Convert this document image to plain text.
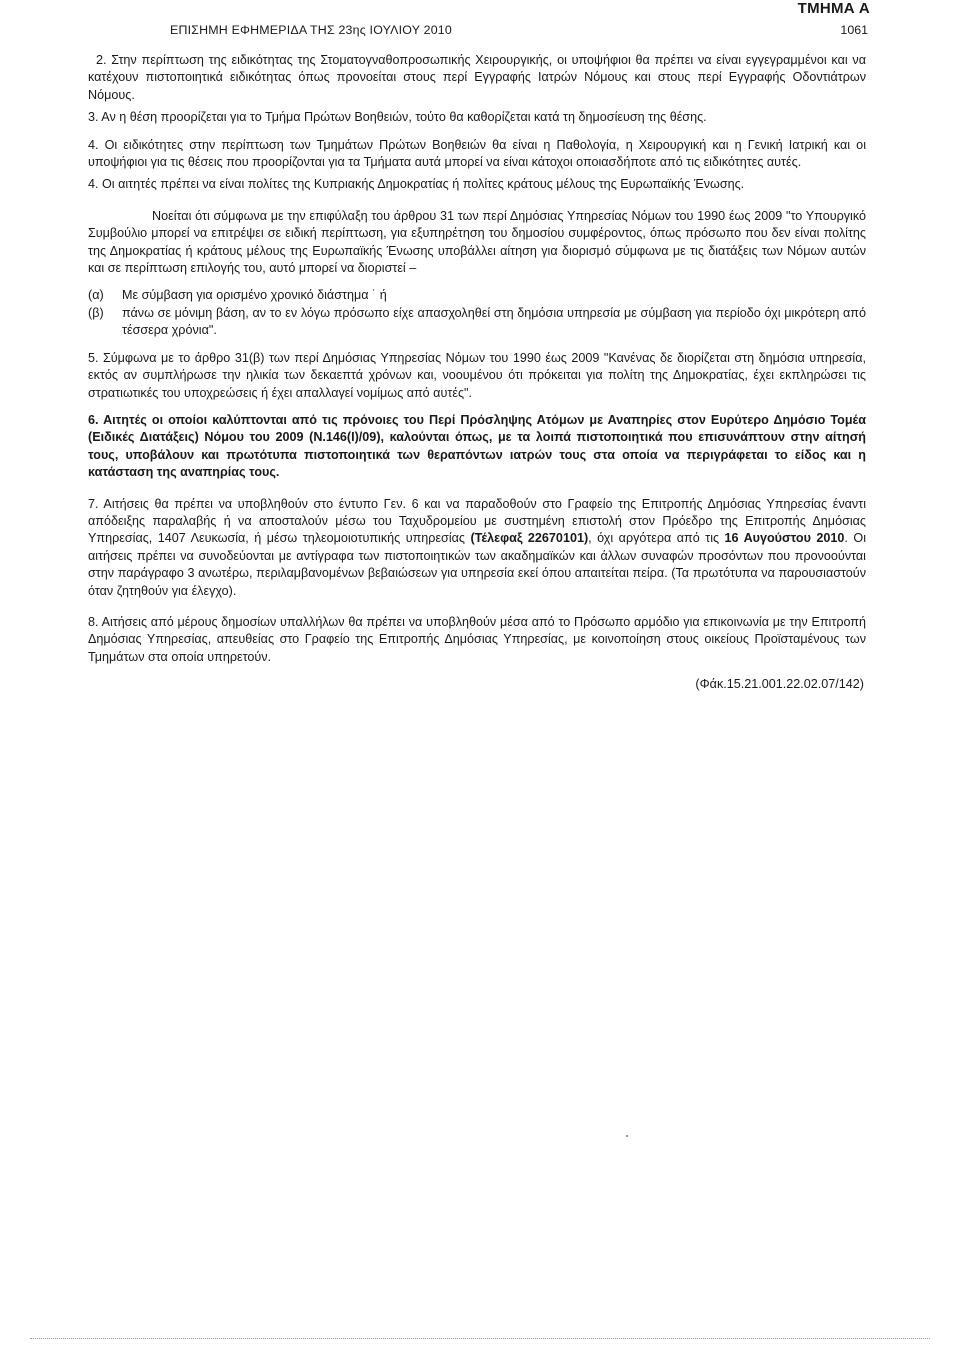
ΤΜΗΜΑ Α
ΕΠΙΣΗΜΗ ΕΦΗΜΕΡΙΔΑ ΤΗΣ 23ης ΙΟΥΛΙΟΥ 2010	1061

2. Στην περίπτωση της ειδικότητας της Στοματογναθοπροσωπικής Χειρουργικής, οι υποψήφιοι θα πρέπει να είναι εγγεγραμμένοι και να κατέχουν πιστοποιητικά ειδικότητας όπως προνοείται στους περί Εγγραφής Ιατρών Νόμους και στους περί Εγγραφής Οδοντιάτρων Νόμους.

3. Αν η θέση προορίζεται για το Τμήμα Πρώτων Βοηθειών, τούτο θα καθορίζεται κατά τη δημοσίευση της θέσης.

4. Οι ειδικότητες στην περίπτωση των Τμημάτων Πρώτων Βοηθειών θα είναι η Παθολογία, η Χειρουργική και η Γενική Ιατρική και οι υποψήφιοι για τις θέσεις που προορίζονται για τα Τμήματα αυτά μπορεί να είναι κάτοχοι οποιασδήποτε από τις ειδικότητες αυτές.

4. Οι αιτητές πρέπει να είναι πολίτες της Κυπριακής Δημοκρατίας ή πολίτες κράτους μέλους της Ευρωπαϊκής Ένωσης.

Νοείται ότι σύμφωνα με την επιφύλαξη του άρθρου 31 των περί Δημόσιας Υπηρεσίας Νόμων του 1990 έως 2009 "το Υπουργικό Συμβούλιο μπορεί να επιτρέψει σε ειδική περίπτωση, για εξυπηρέτηση του δημοσίου συμφέροντος, όπως πρόσωπο που δεν είναι πολίτης της Δημοκρατίας ή κράτους μέλους της Ευρωπαϊκής Ένωσης υποβάλλει αίτηση για διορισμό σύμφωνα με τις διατάξεις των Νόμων αυτών και σε περίπτωση επιλογής του, αυτό μπορεί να διοριστεί –

(α)	Με σύμβαση για ορισμένο χρονικό διάστημα ˙ ή
(β)	πάνω σε μόνιμη βάση, αν το εν λόγω πρόσωπο είχε απασχοληθεί στη δημόσια υπηρεσία με σύμβαση για περίοδο όχι μικρότερη από τέσσερα χρόνια".

5. Σύμφωνα με το άρθρο 31(β) των περί Δημόσιας Υπηρεσίας Νόμων του 1990 έως 2009 "Κανένας δε διορίζεται στη δημόσια υπηρεσία, εκτός αν συμπλήρωσε την ηλικία των δεκαεπτά χρόνων και, νοουμένου ότι πρόκειται για πολίτη της Δημοκρατίας, έχει εκπληρώσει τις στρατιωτικές του υποχρεώσεις ή έχει απαλλαγεί νομίμως από αυτές".

6. Αιτητές οι οποίοι καλύπτονται από τις πρόνοιες του Περί Πρόσληψης Ατόμων με Αναπηρίες στον Ευρύτερο Δημόσιο Τομέα (Ειδικές Διατάξεις) Νόμου του 2009 (Ν.146(Ι)/09), καλούνται όπως, με τα λοιπά πιστοποιητικά που επισυνάπτουν στην αίτησή τους, υποβάλουν και πρωτότυπα πιστοποιητικά των θεραπόντων ιατρών τους στα οποία να περιγράφεται το είδος και η κατάσταση της αναπηρίας τους.

7. Αιτήσεις θα πρέπει να υποβληθούν στο έντυπο Γεν. 6 και να παραδοθούν στο Γραφείο της Επιτροπής Δημόσιας Υπηρεσίας έναντι απόδειξης παραλαβής ή να αποσταλούν μέσω του Ταχυδρομείου με συστημένη επιστολή στον Πρόεδρο της Επιτροπής Δημόσιας Υπηρεσίας, 1407 Λευκωσία, ή μέσω τηλεομοιοτυπικής υπηρεσίας (Τέλεφαξ 22670101), όχι αργότερα από τις 16 Αυγούστου 2010. Οι αιτήσεις πρέπει να συνοδεύονται με αντίγραφα των πιστοποιητικών των ακαδημαϊκών και άλλων συναφών προσόντων που προνοούνται στην παράγραφο 3 ανωτέρω, περιλαμβανομένων βεβαιώσεων για υπηρεσία εκεί όπου απαιτείται πείρα. (Τα πρωτότυπα να παρουσιαστούν όταν ζητηθούν για έλεγχο).

8. Αιτήσεις από μέρους δημοσίων υπαλλήλων θα πρέπει να υποβληθούν μέσα από το Πρόσωπο αρμόδιο για επικοινωνία με την Επιτροπή Δημόσιας Υπηρεσίας, απευθείας στο Γραφείο της Επιτροπής Δημόσιας Υπηρεσίας, με κοινοποίηση στους οικείους Προϊσταμένους των Τμημάτων στα οποία υπηρετούν.

(Φάκ.15.21.001.22.02.07/142)
